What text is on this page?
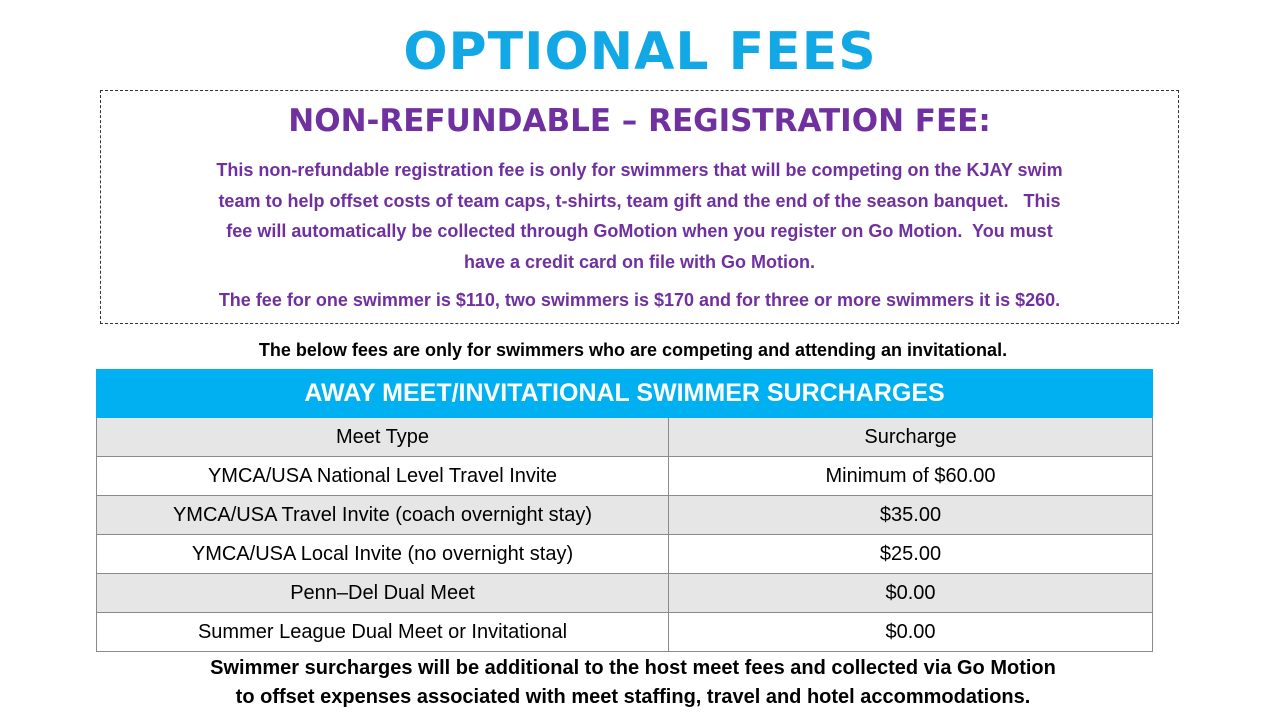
OPTIONAL FEES
NON-REFUNDABLE – REGISTRATION FEE:
This non-refundable registration fee is only for swimmers that will be competing on the KJAY swim
team to help offset costs of team caps, t-shirts, team gift and the end of the season banquet.   This
fee will automatically be collected through GoMotion when you register on Go Motion.  You must
have a credit card on file with Go Motion.
The fee for one swimmer is $110, two swimmers is $170 and for three or more swimmers it is $260.
The below fees are only for swimmers who are competing and attending an invitational.
AWAY MEET/INVITATIONAL SWIMMER SURCHARGES	
Meet Type	Surcharge
YMCA/USA National Level Travel Invite	Minimum of $60.00
YMCA/USA Travel Invite (coach overnight stay)	$35.00
YMCA/USA Local Invite (no overnight stay)	$25.00
Penn–Del Dual Meet	$0.00
Summer League Dual Meet or Invitational	$0.00
Swimmer surcharges will be additional to the host meet fees and collected via Go Motion
to offset expenses associated with meet staffing, travel and hotel accommodations.
